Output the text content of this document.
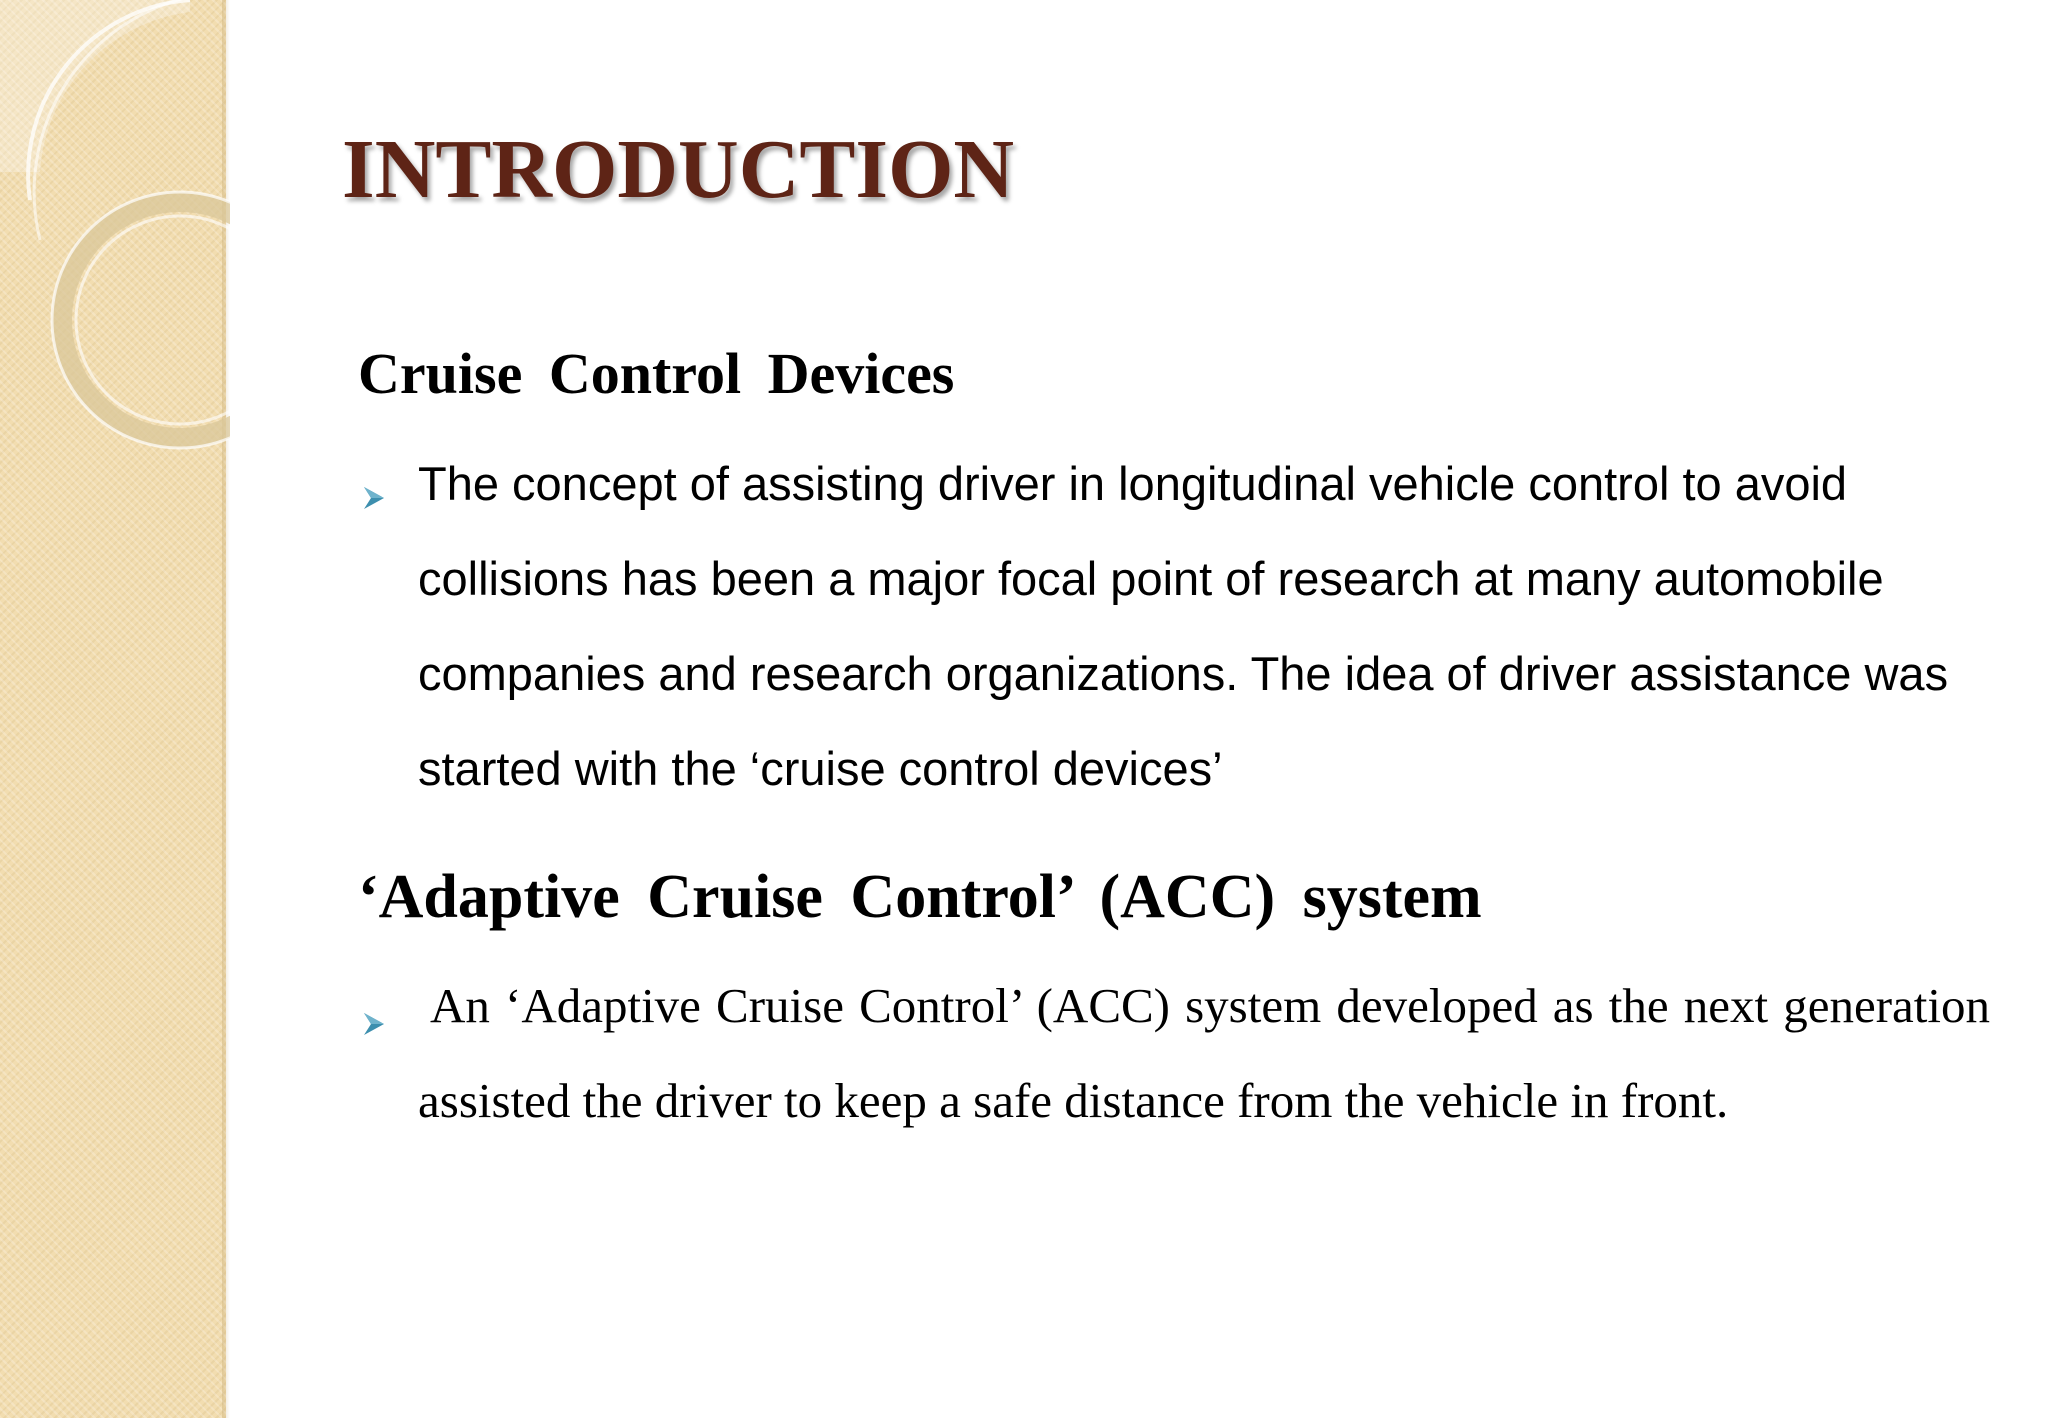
INTRODUCTION
Cruise Control Devices

The concept of assisting driver in longitudinal vehicle control to avoid collisions has been a major focal point of research at many automobile companies and research organizations. The idea of driver assistance was started with the ‘cruise control devices’

‘Adaptive Cruise Control’ (ACC) system

An ‘Adaptive Cruise Control’ (ACC) system developed as the next generation assisted the driver to keep a safe distance from the vehicle in front.
